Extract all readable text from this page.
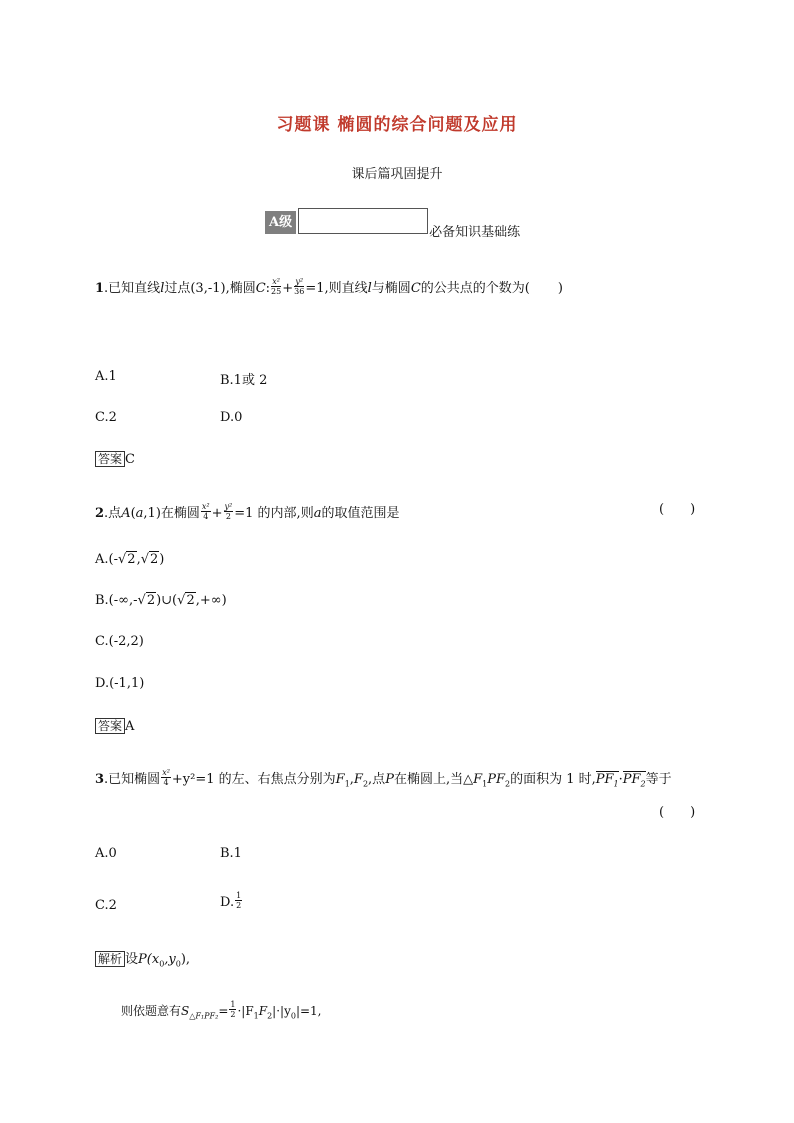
习题课 椭圆的综合问题及应用
课后篇巩固提升
A级
必备知识基础练
1.已知直线l过点(3,-1),椭圆C: $\frac{\text{x²}}{25} + \frac{\text{y²}}{36} =1$,则直线l与椭圆C的公共点的个数为( )
A.1	B.1或 2
C.2	D.0
答案 C
2.点A(a,1)在椭圆 $\frac{\text{x²}}{4} + \frac{\text{y²}}{2} =1$ 的内部,则a的取值范围是	( )
A.(-√2,√2)
B.(-∞,-√2)∪(√2,+∞)
C.(-2,2)
D.(-1,1)
答案 A
3.已知椭圆 $\frac{\text{x²}}{4} +y^2=1$ 的左、右焦点分别为$F_1,F_2$,点P在椭圆上,当$\triangle F_1PF_2$的面积为 1 时$,PF_1\cdot PF_2$等于
( )
A.0	B.1
C.2	D. $\frac{1}{2}$
解析 设$P(x_0,y_0)$,
则依题意有$S_{\triangle F_1PF_2}= \frac{1}{2} \cdot|F_1F_2|\cdot|y_0|=1$,
